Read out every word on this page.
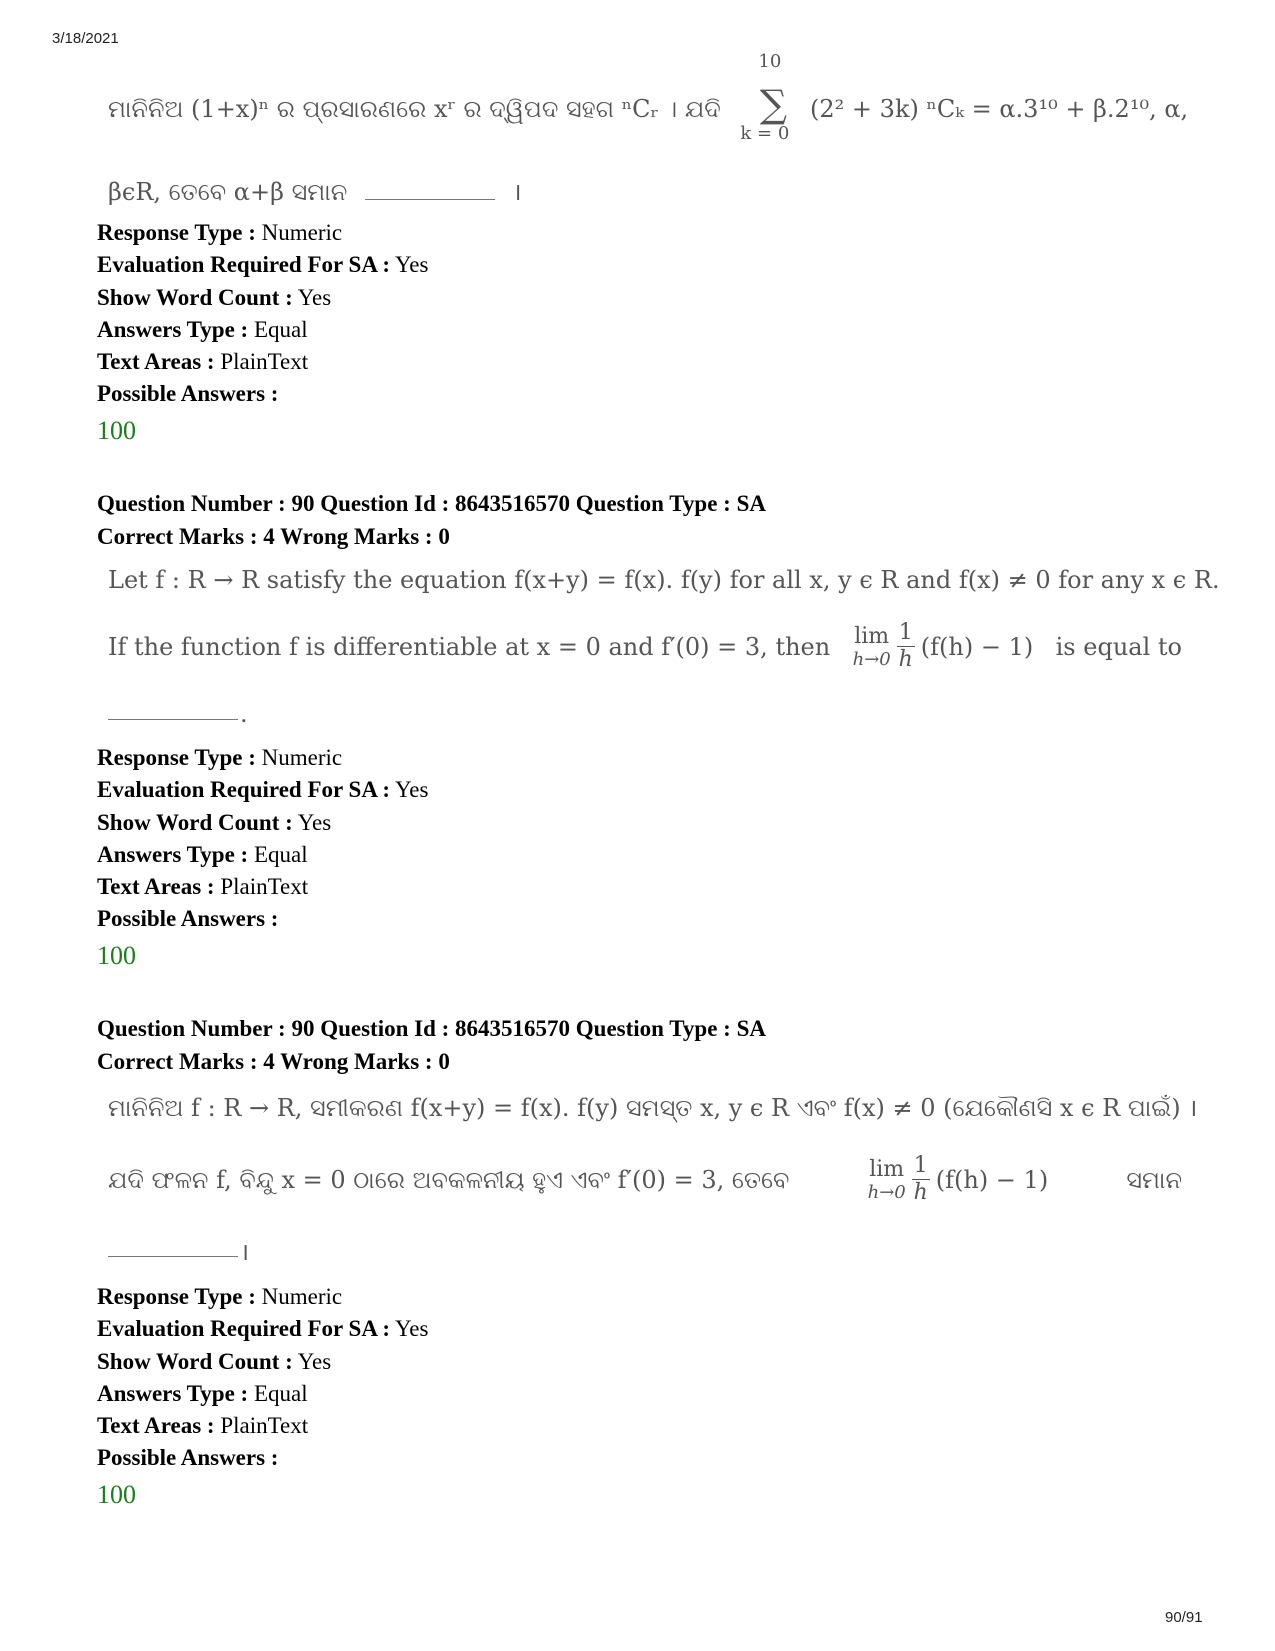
3/18/2021
ମାନିନିଅ (1+x)ⁿ ର ପ୍ରସାରଣରେ xʳ ର ଦ୍ୱିପଦ ସହଗ ⁿCᵣ । ଯଦି
10
∑
k = 0
(2² + 3k) ⁿCₖ = α.3¹⁰ + β.2¹⁰, α,
βϵR, ତେବେ α+β ସମାନ	।
Response Type : Numeric
Evaluation Required For SA : Yes
Show Word Count : Yes
Answers Type : Equal
Text Areas : PlainText
Possible Answers :
100
Question Number : 90 Question Id : 8643516570 Question Type : SA
Correct Marks : 4 Wrong Marks : 0
Let f : R → R satisfy the equation f(x+y) = f(x). f(y) for all x, y ϵ R and f(x) ≠ 0 for any x ϵ R.
If the function f is differentiable at x = 0 and f′(0) = 3, then lim
$h\to 0 \frac{1}{h} (f(h) - 1)$ is equal to
.
Response Type : Numeric
Evaluation Required For SA : Yes
Show Word Count : Yes
Answers Type : Equal
Text Areas : PlainText
Possible Answers :
100
Question Number : 90 Question Id : 8643516570 Question Type : SA
Correct Marks : 4 Wrong Marks : 0
ମାନିନିଅ f : R → R, ସମୀକରଣ f(x+y) = f(x). f(y) ସମସ୍ତ x, y ϵ R ଏବଂ f(x) ≠ 0 (ଯେକୌଣସି x ϵ R ପାଇଁ) ।
ଯଦି ଫଳନ f, ବିନ୍ଦୁ x = 0 ଠାରେ ଅବକଳନୀୟ ହୁଏ ଏବଂ f′(0) = 3, ତେବେ	lim
$h\to 0 \frac{1}{h} (f(h) - 1)$	ସମାନ
।
Response Type : Numeric
Evaluation Required For SA : Yes
Show Word Count : Yes
Answers Type : Equal
Text Areas : PlainText
Possible Answers :
100
90/91
